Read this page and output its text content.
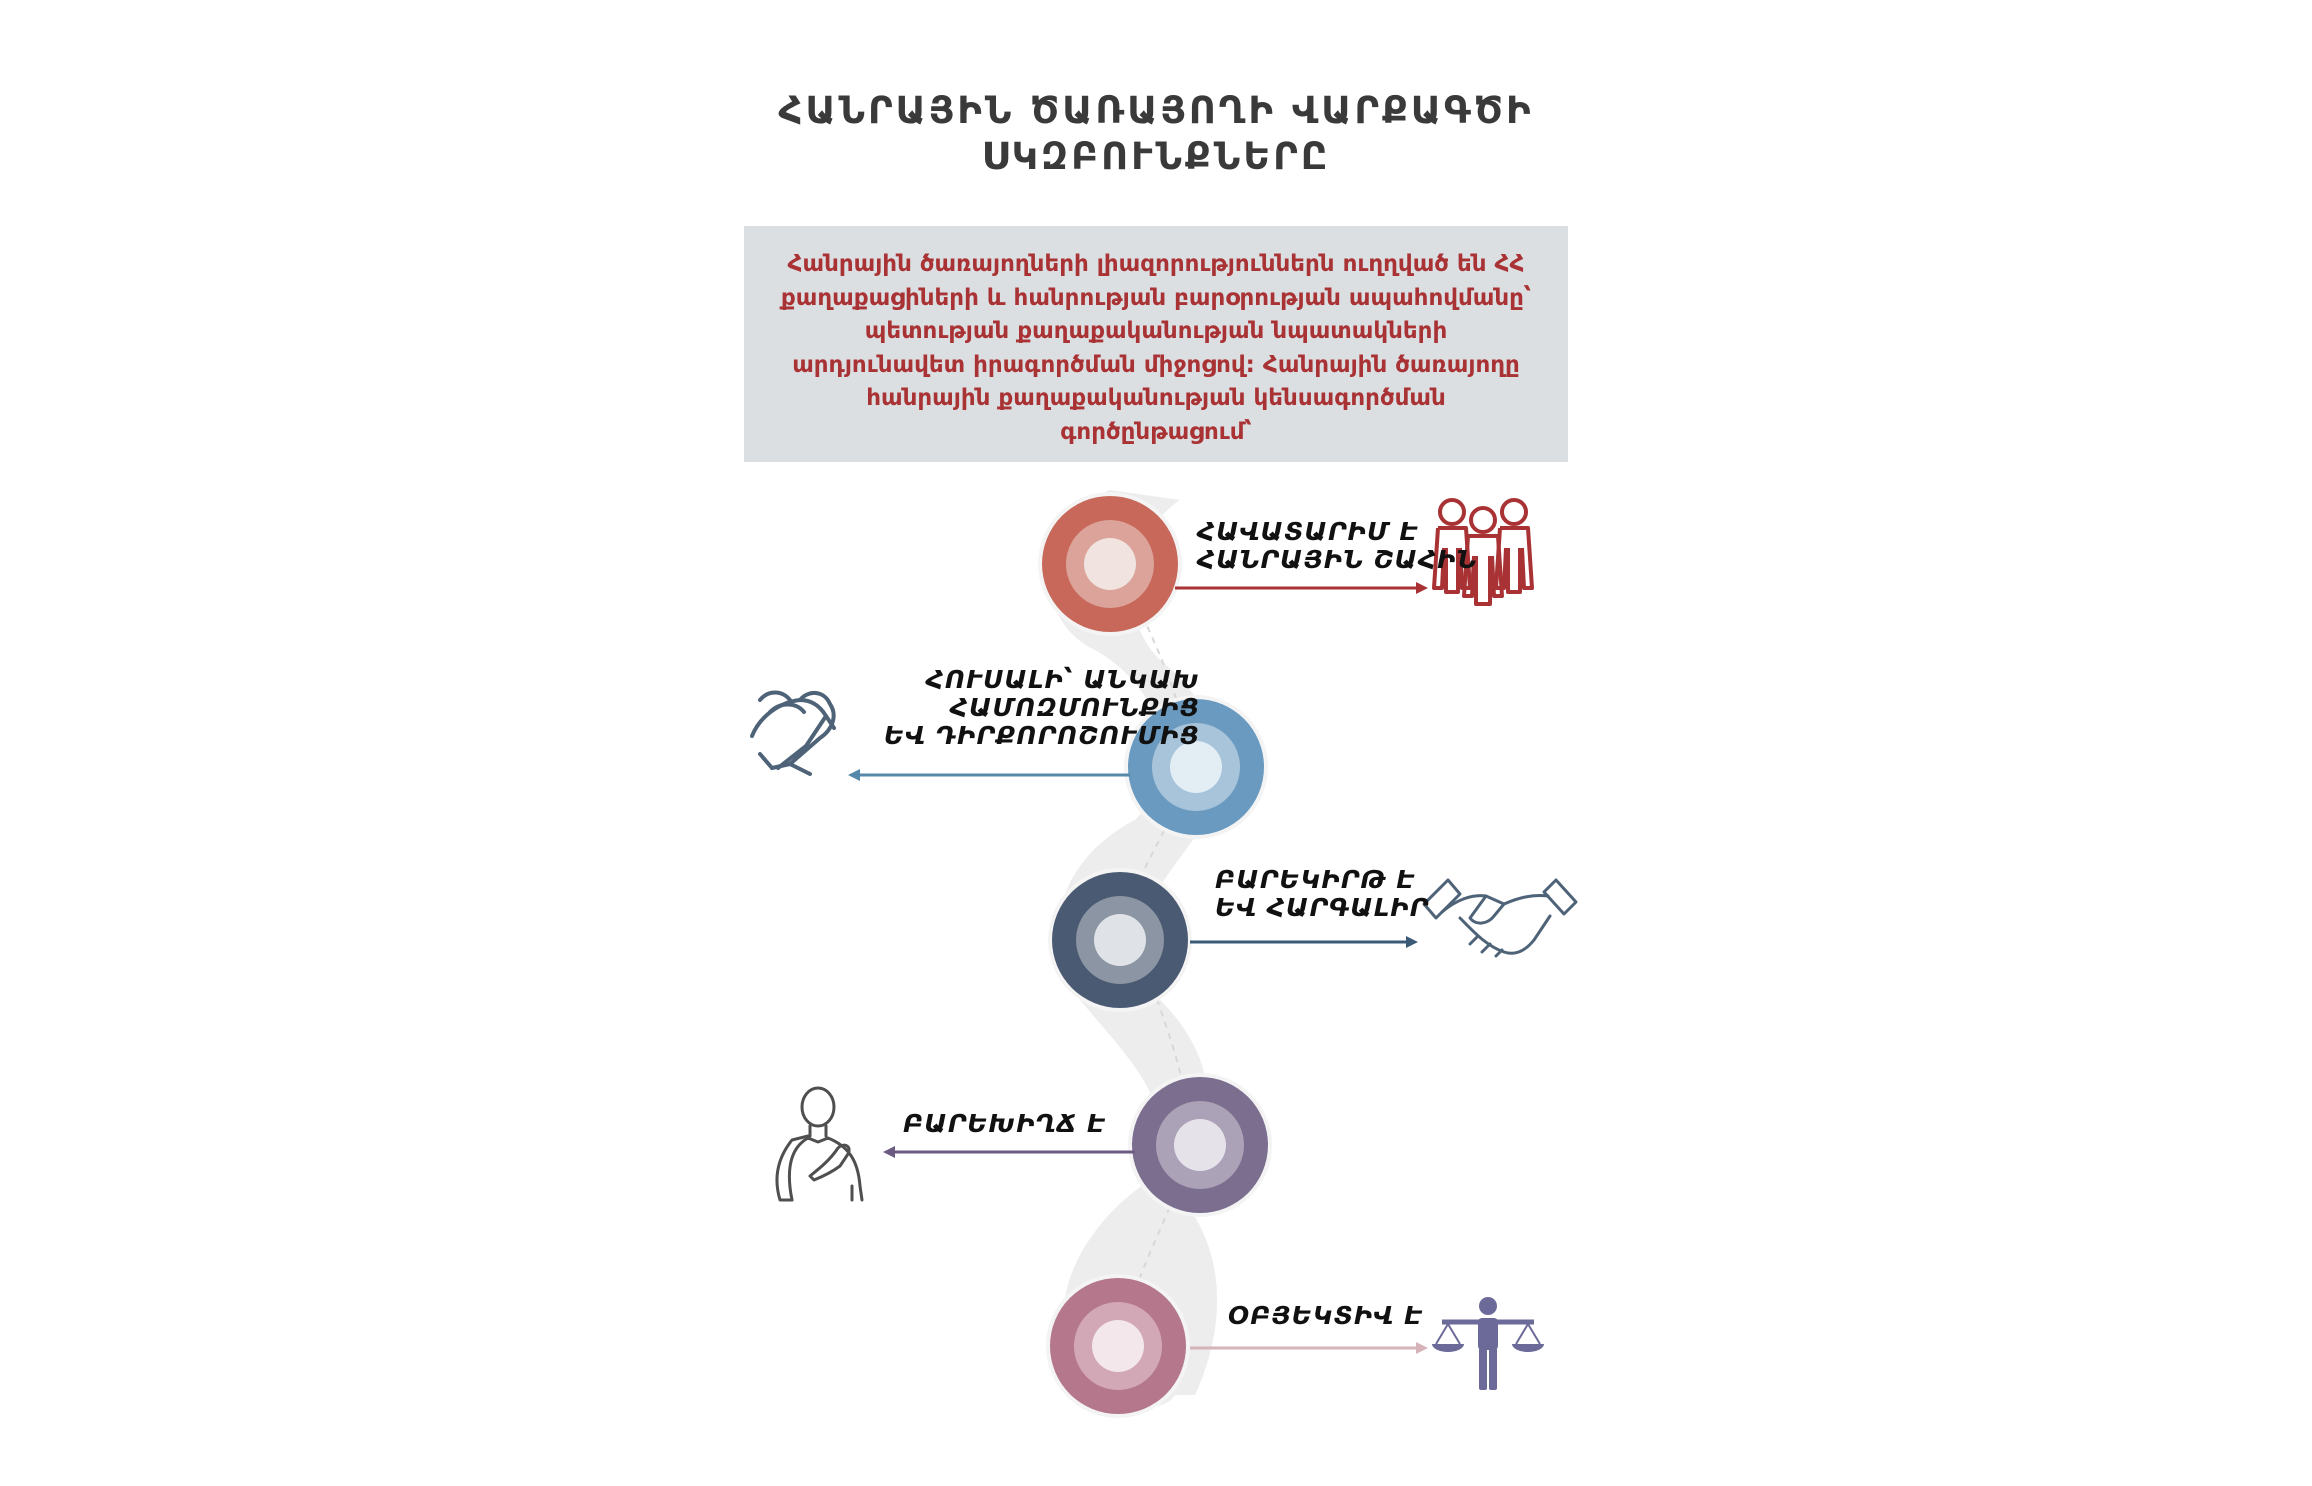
ՀԱՆՐԱՅԻՆ ԾԱՌԱՅՈՂԻ ՎԱՐՔԱԳԾԻ
ՍԿԶԲՈՒՆՔՆԵՐԸ
Հանրային ծառայողների լիազորություններն ուղղված են ՀՀ
քաղաքացիների և հանրության բարօրության ապահովմանը՝
պետության քաղաքականության նպատակների
արդյունավետ իրագործման միջոցով: Հանրային ծառայողը
հանրային քաղաքականության կենսագործման
գործընթացում՝
ՀԱՎԱՏԱՐԻՄ Է
ՀԱՆՐԱՅԻՆ ՇԱՀԻՆ
ՀՈՒՍԱԼԻ՝ ԱՆԿԱԽ
ՀԱՄՈԶՄՈՒՆՔԻՑ
ԵՎ ԴԻՐՔՈՐՈՇՈՒՄԻՑ
ԲԱՐԵԿԻՐԹ Է
ԵՎ ՀԱՐԳԱԼԻՐ
ԲԱՐԵԽԻՂՃ Է
ՕԲՅԵԿՏԻՎ Է
